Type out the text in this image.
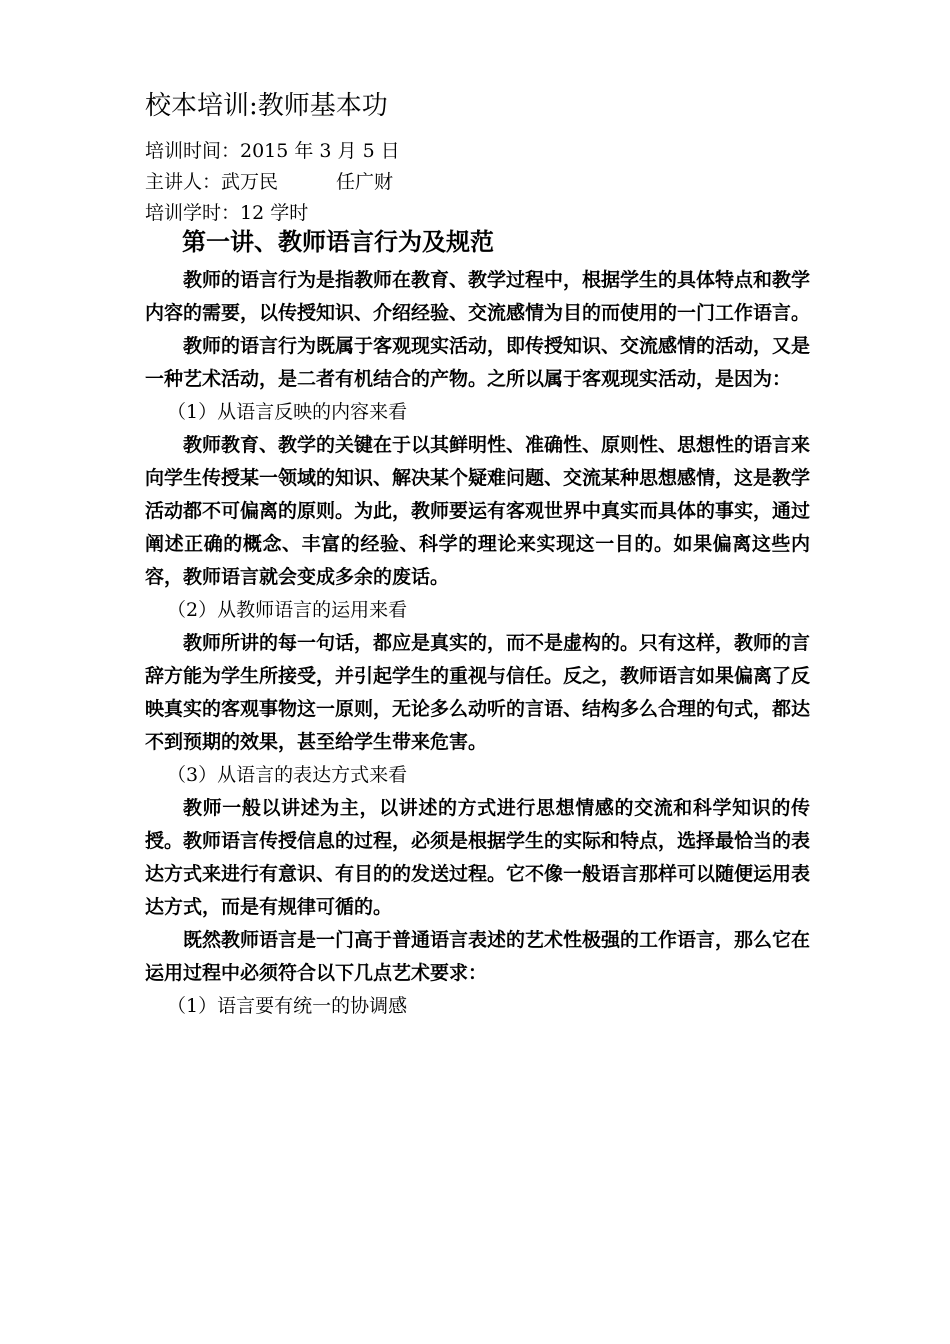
校本培训:教师基本功
培训时间：2015 年 3 月 5 日
主讲人：武万民	任广财
培训学时：12 学时
第一讲、教师语言行为及规范

教师的语言行为是指教师在教育、教学过程中，根据学生的具体特点和教学内容的需要，以传授知识、介绍经验、交流感情为目的而使用的一门工作语言。

教师的语言行为既属于客观现实活动，即传授知识、交流感情的活动，又是一种艺术活动，是二者有机结合的产物。之所以属于客观现实活动，是因为：

（1）从语言反映的内容来看

教师教育、教学的关键在于以其鲜明性、准确性、原则性、思想性的语言来向学生传授某一领域的知识、解决某个疑难问题、交流某种思想感情，这是教学活动都不可偏离的原则。为此，教师要运有客观世界中真实而具体的事实，通过阐述正确的概念、丰富的经验、科学的理论来实现这一目的。如果偏离这些内容，教师语言就会变成多余的废话。

（2）从教师语言的运用来看

教师所讲的每一句话，都应是真实的，而不是虚构的。只有这样，教师的言辞方能为学生所接受，并引起学生的重视与信任。反之，教师语言如果偏离了反映真实的客观事物这一原则，无论多么动听的言语、结构多么合理的句式，都达不到预期的效果，甚至给学生带来危害。

（3）从语言的表达方式来看

教师一般以讲述为主，以讲述的方式进行思想情感的交流和科学知识的传授。教师语言传授信息的过程，必须是根据学生的实际和特点，选择最恰当的表达方式来进行有意识、有目的的发送过程。它不像一般语言那样可以随便运用表达方式，而是有规律可循的。

既然教师语言是一门高于普通语言表述的艺术性极强的工作语言，那么它在运用过程中必须符合以下几点艺术要求：

（1）语言要有统一的协调感
